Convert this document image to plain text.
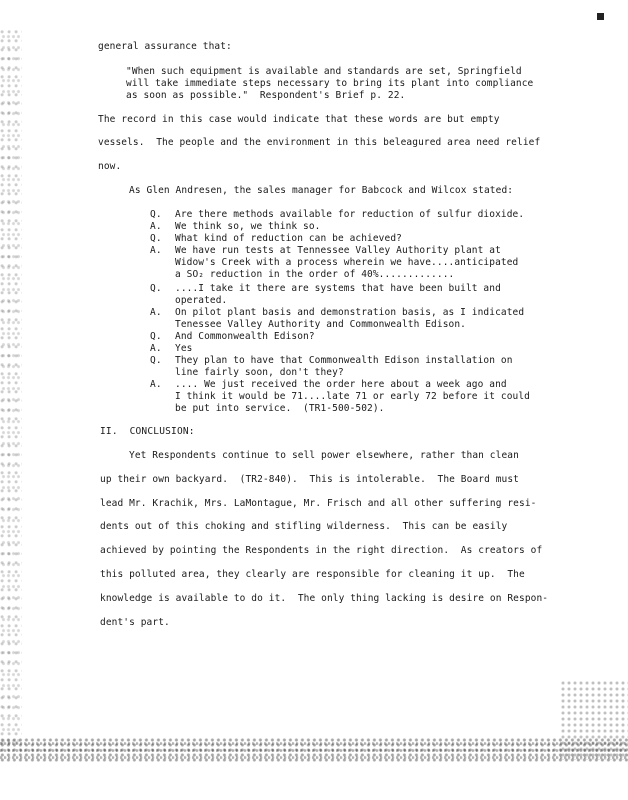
general assurance that:
"When such equipment is available and standards are set, Springfield
will take immediate steps necessary to bring its plant into compliance
as soon as possible."  Respondent's Brief p. 22.
The record in this case would indicate that these words are but empty
vessels.  The people and the environment in this beleagured area need relief
now.
As Glen Andresen, the sales manager for Babcock and Wilcox stated:
Q. Are there methods available for reduction of sulfur dioxide.
A. We think so, we think so.
Q. What kind of reduction can be achieved?
A. We have run tests at Tennessee Valley Authority plant at
Widow's Creek with a process wherein we have....anticipated
a SO₂ reduction in the order of 40%.............
Q. ....I take it there are systems that have been built and
operated.
A. On pilot plant basis and demonstration basis, as I indicated
Tenessee Valley Authority and Commonwealth Edison.
Q. And Commonwealth Edison?
A. Yes
Q. They plan to have that Commonwealth Edison installation on
line fairly soon, don't they?
A. .... We just received the order here about a week ago and
I think it would be 71....late 71 or early 72 before it could
be put into service.  (TR1-500-502).
II.  CONCLUSION:
Yet Respondents continue to sell power elsewhere, rather than clean
up their own backyard.  (TR2-840).  This is intolerable.  The Board must
lead Mr. Krachik, Mrs. LaMontague, Mr. Frisch and all other suffering resi-
dents out of this choking and stifling wilderness.  This can be easily
achieved by pointing the Respondents in the right direction.  As creators of
this polluted area, they clearly are responsible for cleaning it up.  The
knowledge is available to do it.  The only thing lacking is desire on Respon-
dent's part.
